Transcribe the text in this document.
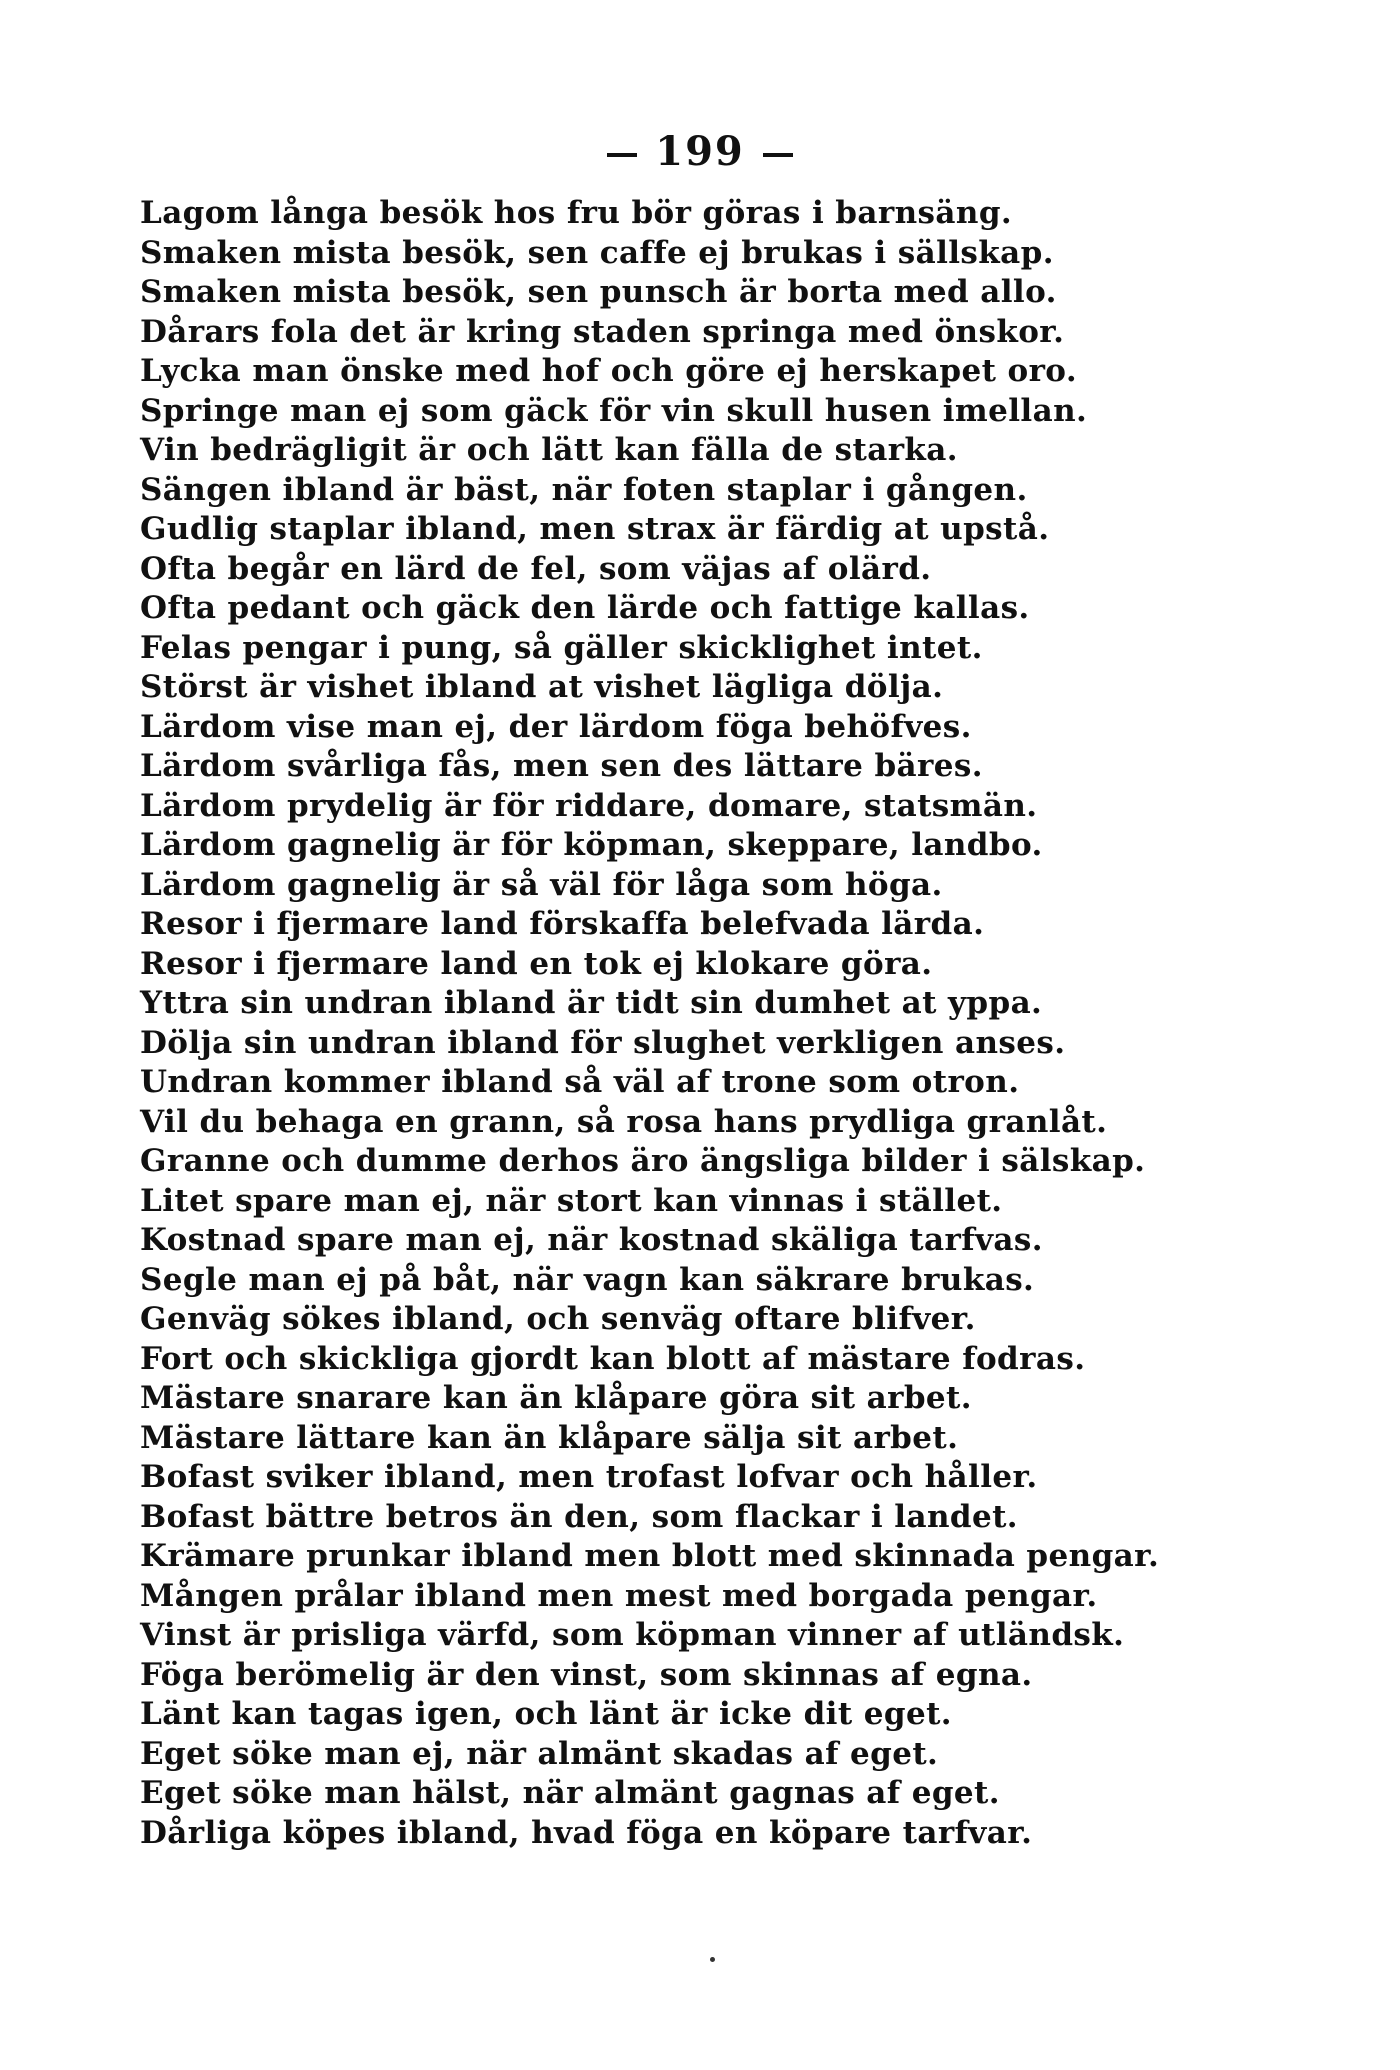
199
Lagom långa besök hos fru bör göras i barnsäng.
Smaken mista besök, sen caffe ej brukas i sällskap.
Smaken mista besök, sen punsch är borta med allo.
Dårars fola det är kring staden springa med önskor.
Lycka man önske med hof och göre ej herskapet oro.
Springe man ej som gäck för vin skull husen imellan.
Vin bedrägligit är och lätt kan fälla de starka.
Sängen ibland är bäst, när foten staplar i gången.
Gudlig staplar ibland, men strax är färdig at upstå.
Ofta begår en lärd de fel, som väjas af olärd.
Ofta pedant och gäck den lärde och fattige kallas.
Felas pengar i pung, så gäller skicklighet intet.
Störst är vishet ibland at vishet lägliga dölja.
Lärdom vise man ej, der lärdom föga behöfves.
Lärdom svårliga fås, men sen des lättare bäres.
Lärdom prydelig är för riddare, domare, statsmän.
Lärdom gagnelig är för köpman, skeppare, landbo.
Lärdom gagnelig är så väl för låga som höga.
Resor i fjermare land förskaffa belefvada lärda.
Resor i fjermare land en tok ej klokare göra.
Yttra sin undran ibland är tidt sin dumhet at yppa.
Dölja sin undran ibland för slughet verkligen anses.
Undran kommer ibland så väl af trone som otron.
Vil du behaga en grann, så rosa hans prydliga granlåt.
Granne och dumme derhos äro ängsliga bilder i sälskap.
Litet spare man ej, när stort kan vinnas i stället.
Kostnad spare man ej, när kostnad skäliga tarfvas.
Segle man ej på båt, när vagn kan säkrare brukas.
Genväg sökes ibland, och senväg oftare blifver.
Fort och skickliga gjordt kan blott af mästare fodras.
Mästare snarare kan än klåpare göra sit arbet.
Mästare lättare kan än klåpare sälja sit arbet.
Bofast sviker ibland, men trofast lofvar och håller.
Bofast bättre betros än den, som flackar i landet.
Krämare prunkar ibland men blott med skinnada pengar.
Mången prålar ibland men mest med borgada pengar.
Vinst är prisliga värfd, som köpman vinner af utländsk.
Föga berömelig är den vinst, som skinnas af egna.
Länt kan tagas igen, och länt är icke dit eget.
Eget söke man ej, när almänt skadas af eget.
Eget söke man hälst, när almänt gagnas af eget.
Dårliga köpes ibland, hvad föga en köpare tarfvar.
